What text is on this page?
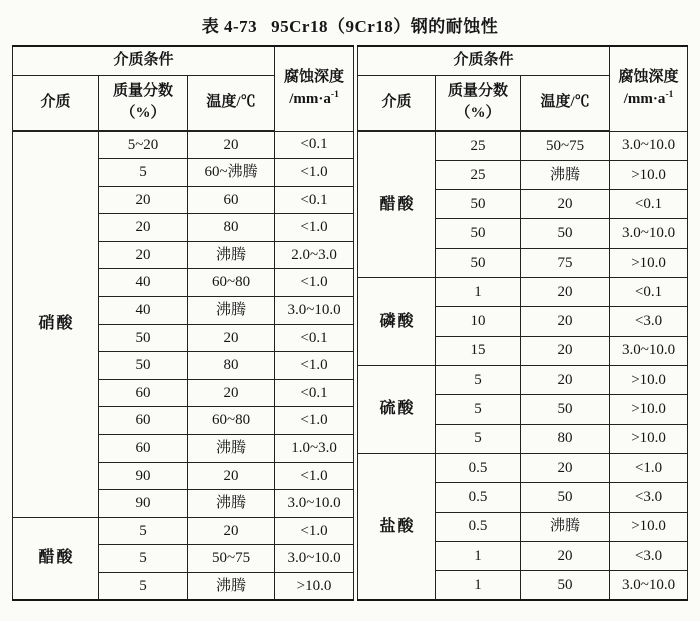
表 4-73 95Cr18（9Cr18）钢的耐蚀性
介质条件			腐蚀深度
$/mm\cdot a^{-1}$

介质	质量分数
（%）	温度/℃	
硝酸	5~20	20	<0.1
	5	60~沸腾	<1.0
	20	60	<0.1
	20	80	<1.0
	20	沸腾	2.0~3.0
	40	60~80	<1.0
	40	沸腾	3.0~10.0
	50	20	<0.1
	50	80	<1.0
	60	20	<0.1
	60	60~80	<1.0
	60	沸腾	1.0~3.0
	90	20	<1.0
	90	沸腾	3.0~10.0
醋酸	5	20	<1.0
	5	50~75	3.0~10.0
	5	沸腾	>10.0
介质条件			腐蚀深度
$/mm\cdot a^{-1}$

介质	质量分数
（%）	温度/℃	
醋酸	25	50~75	3.0~10.0
	25	沸腾	>10.0
	50	20	<0.1
	50	50	3.0~10.0
	50	75	>10.0
磷酸	1	20	<0.1
	10	20	<3.0
	15	20	3.0~10.0
硫酸	5	20	>10.0
	5	50	>10.0
	5	80	>10.0
盐酸	0.5	20	<1.0
	0.5	50	<3.0
	0.5	沸腾	>10.0
	1	20	<3.0
	1	50	3.0~10.0
